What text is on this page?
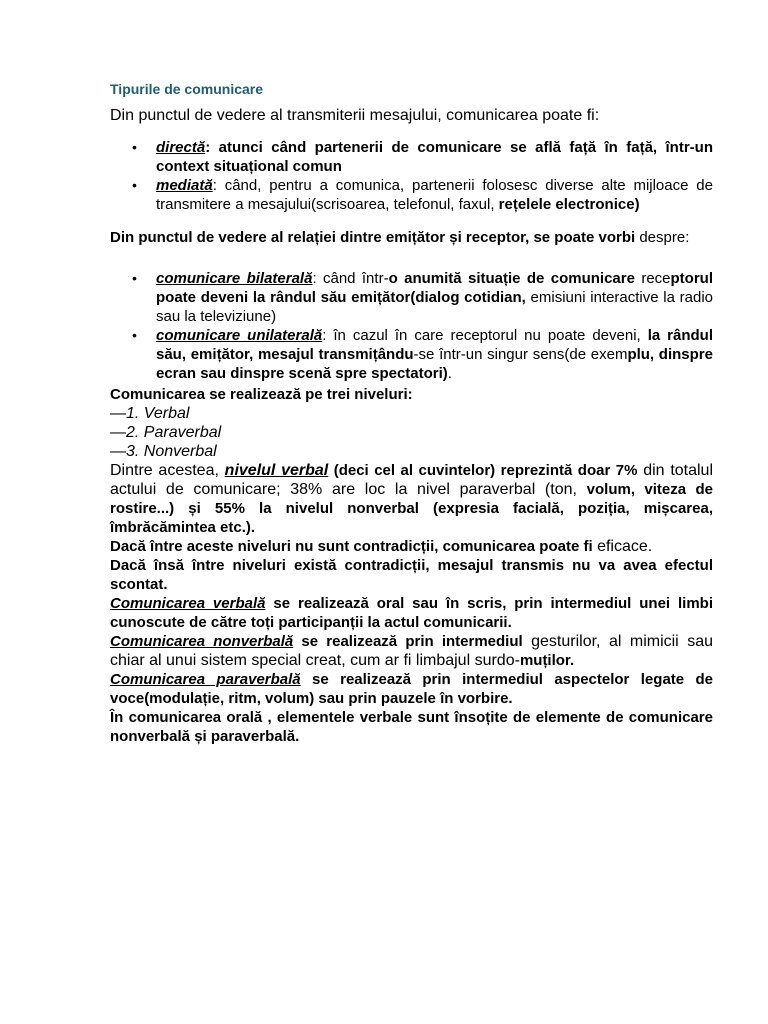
Tipurile de comunicare

Din punctul de vedere al transmiterii mesajului, comunicarea poate fi:

• directă: atunci când partenerii de comunicare se află față în față, într-un context situațional comun
• mediată: când, pentru a comunica, partenerii folosesc diverse alte mijloace de transmitere a mesajului(scrisoarea, telefonul, faxul, rețelele electronice)

Din punctul de vedere al relației dintre emițător și receptor, se poate vorbi despre:

• comunicare bilaterală: când într-o anumită situație de comunicare receptorul poate deveni la rândul său emițător(dialog cotidian, emisiuni interactive la radio sau la televiziune)
• comunicare unilaterală: în cazul în care receptorul nu poate deveni, la rândul său, emițător, mesajul transmițându-se într-un singur sens(de exemplu, dinspre ecran sau dinspre scenă spre spectatori).

Comunicarea se realizează pe trei niveluri:

—1. Verbal

—2. Paraverbal

—3. Nonverbal

Dintre acestea, nivelul verbal (deci cel al cuvintelor) reprezintă doar 7% din totalul actului de comunicare; 38% are loc la nivel paraverbal (ton, volum, viteza de rostire...) și 55% la nivelul nonverbal (expresia facială, poziția, mișcarea, îmbrăcămintea etc.).

Dacă între aceste niveluri nu sunt contradicții, comunicarea poate fi eficace.

Dacă însă între niveluri există contradicții, mesajul transmis nu va avea efectul scontat.

Comunicarea verbală se realizează oral sau în scris, prin intermediul unei limbi cunoscute de către toți participanții la actul comunicarii.

Comunicarea nonverbală se realizează prin intermediul gesturilor, al mimicii sau chiar al unui sistem special creat, cum ar fi limbajul surdo-muților.

Comunicarea paraverbală se realizează prin intermediul aspectelor legate de voce(modulație, ritm, volum) sau prin pauzele în vorbire.

În comunicarea orală , elementele verbale sunt însoțite de elemente de comunicare nonverbală și paraverbală.
